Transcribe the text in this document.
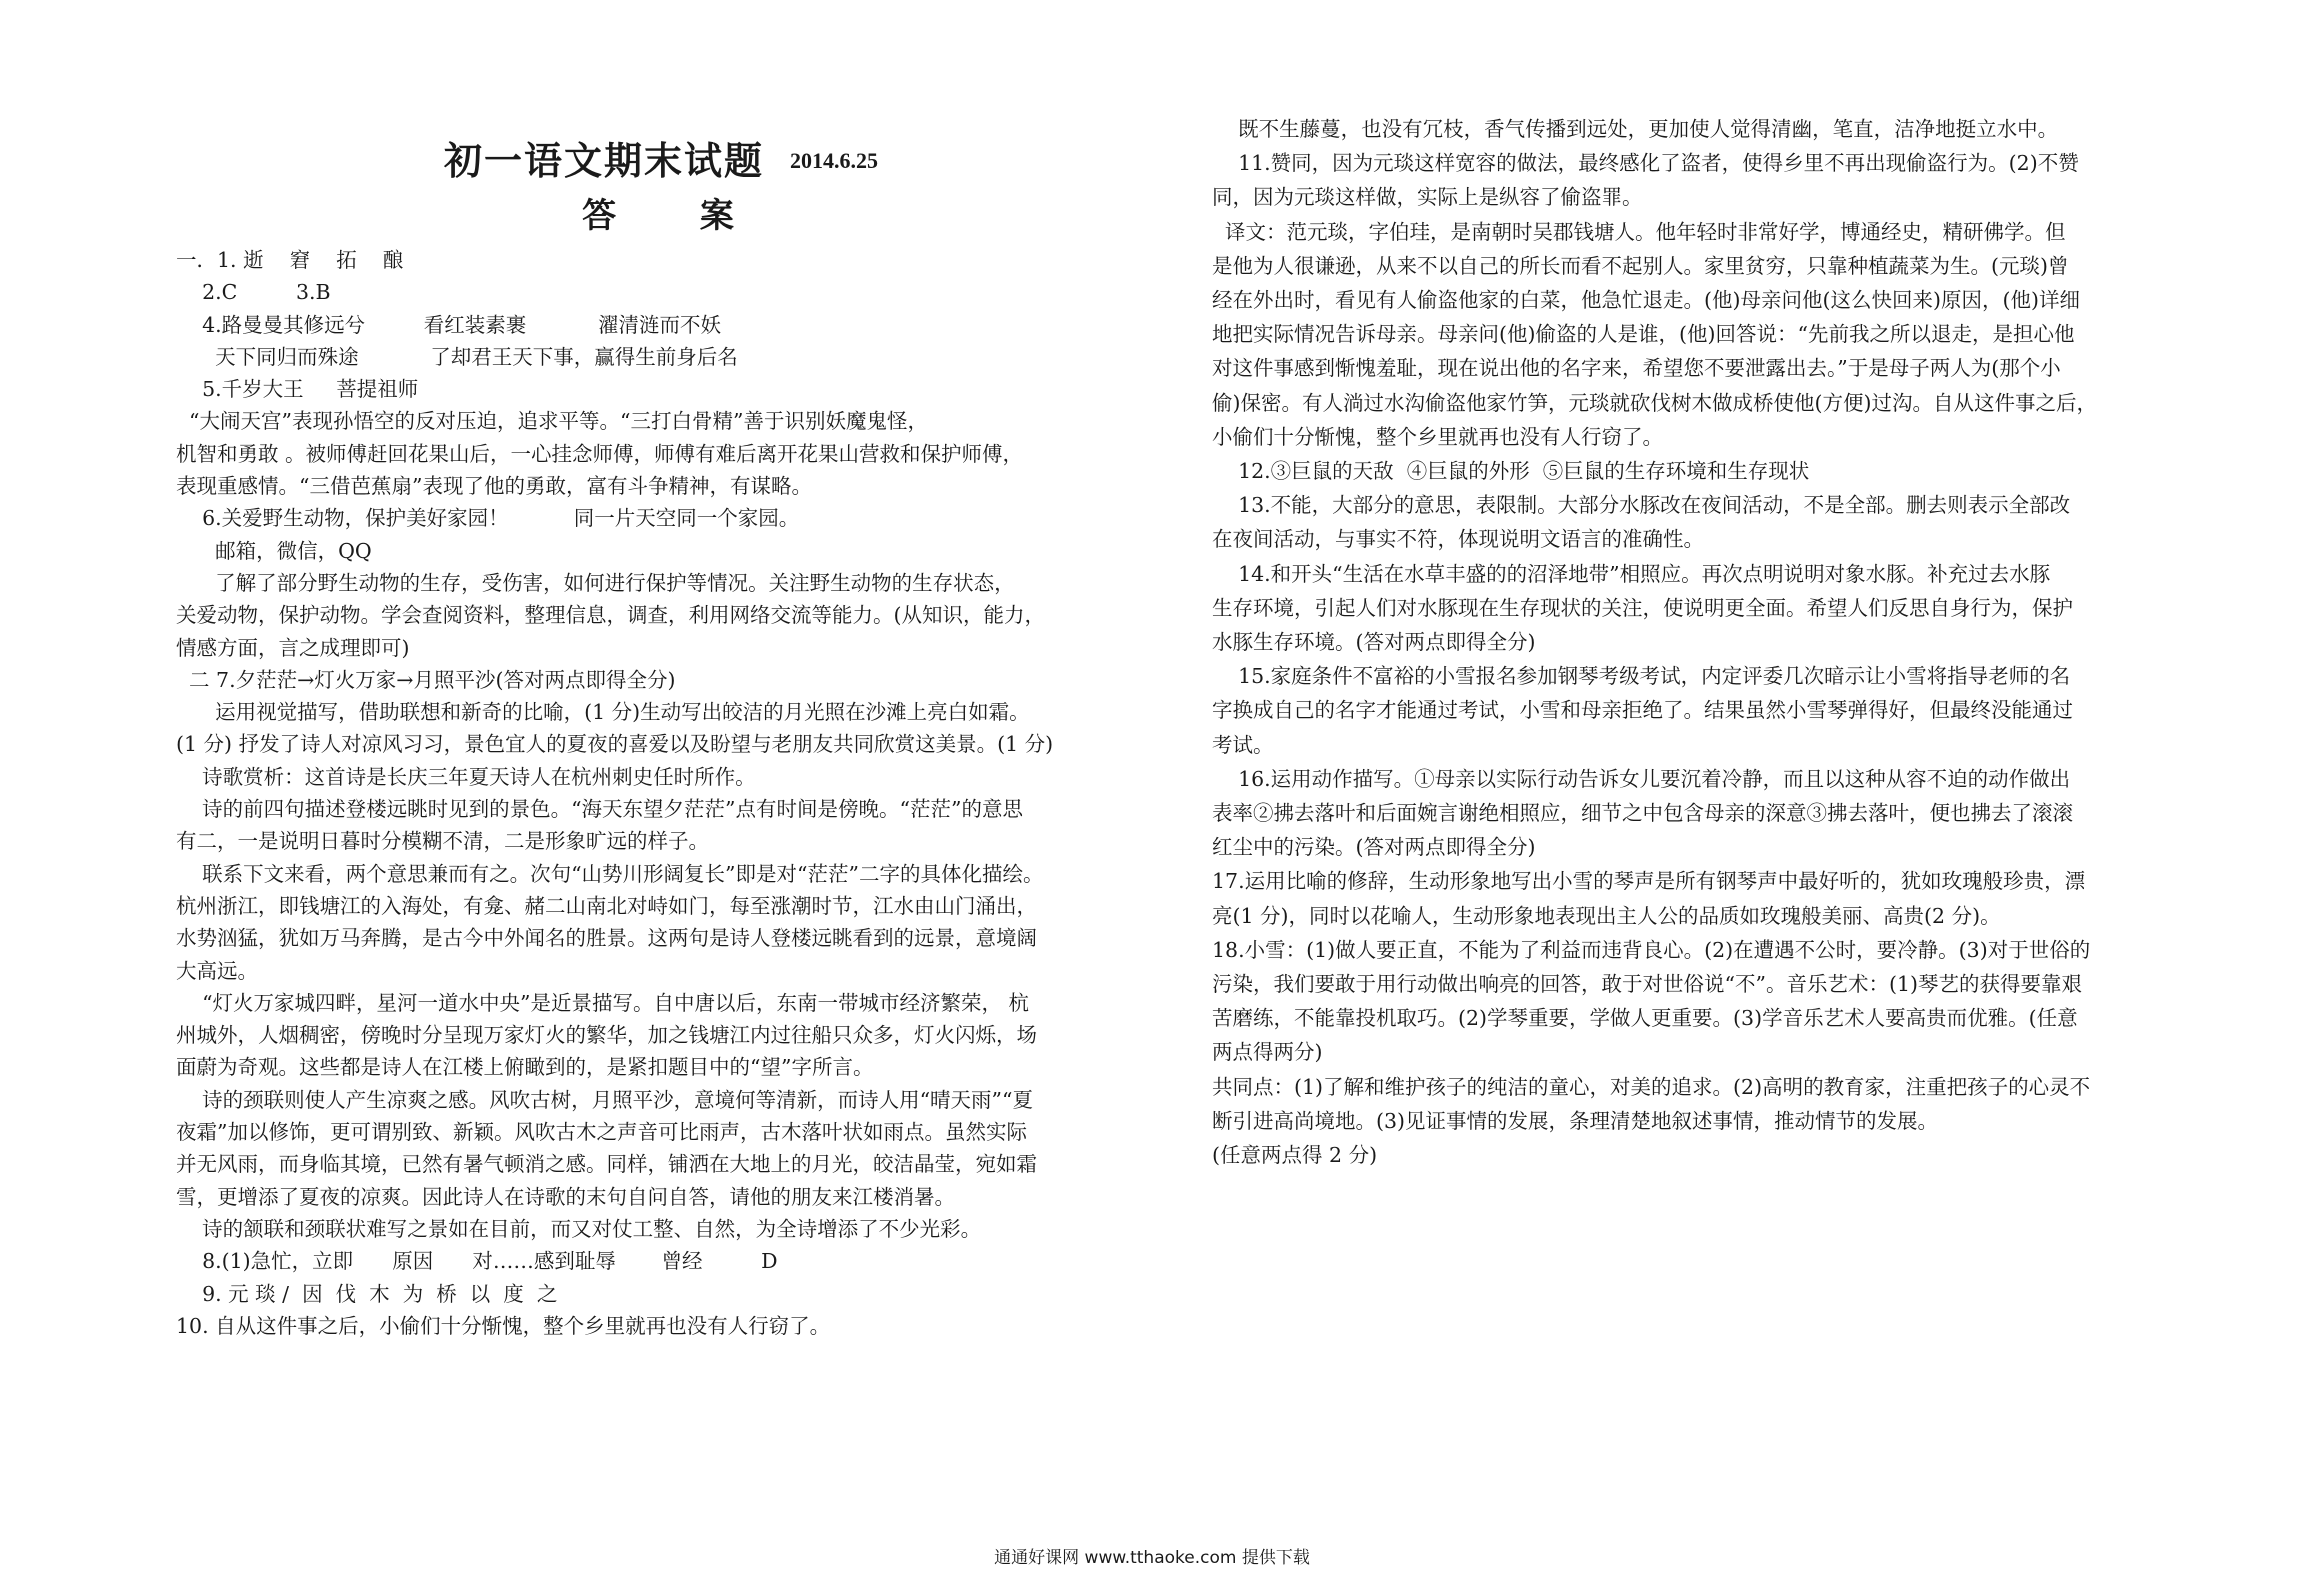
初一语文期末试题 2014.6.25
答 案

一．1. 逝    窘    拓    酿

2.C         3.B

4.路曼曼其修远兮         看红装素裹           濯清涟而不妖

天下同归而殊途           了却君王天下事，赢得生前身后名

5.千岁大王     菩提祖师

“大闹天宫”表现孙悟空的反对压迫，追求平等。“三打白骨精”善于识别妖魔鬼怪，

机智和勇敢 。被师傅赶回花果山后，一心挂念师傅，师傅有难后离开花果山营救和保护师傅，

表现重感情。“三借芭蕉扇”表现了他的勇敢，富有斗争精神，有谋略。

6.关爱野生动物，保护美好家园！          同一片天空同一个家园。

邮箱，微信，QQ

了解了部分野生动物的生存，受伤害，如何进行保护等情况。关注野生动物的生存状态，

关爱动物，保护动物。学会查阅资料，整理信息，调查，利用网络交流等能力。(从知识，能力，

情感方面，言之成理即可)

二 7.夕茫茫→灯火万家→月照平沙(答对两点即得全分)

运用视觉描写，借助联想和新奇的比喻，(1 分)生动写出皎洁的月光照在沙滩上亮白如霜。

(1 分) 抒发了诗人对凉风习习，景色宜人的夏夜的喜爱以及盼望与老朋友共同欣赏这美景。(1 分)

诗歌赏析：这首诗是长庆三年夏天诗人在杭州刺史任时所作。

诗的前四句描述登楼远眺时见到的景色。“海天东望夕茫茫”点有时间是傍晚。“茫茫”的意思

有二，一是说明日暮时分模糊不清，二是形象旷远的样子。

联系下文来看，两个意思兼而有之。次句“山势川形阔复长”即是对“茫茫”二字的具体化描绘。

杭州浙江，即钱塘江的入海处，有龛、赭二山南北对峙如门，每至涨潮时节，江水由山门涌出，

水势汹猛，犹如万马奔腾，是古今中外闻名的胜景。这两句是诗人登楼远眺看到的远景，意境阔

大高远。

“灯火万家城四畔，星河一道水中央”是近景描写。自中唐以后，东南一带城市经济繁荣， 杭

州城外，人烟稠密，傍晚时分呈现万家灯火的繁华，加之钱塘江内过往船只众多，灯火闪烁，场

面蔚为奇观。这些都是诗人在江楼上俯瞰到的，是紧扣题目中的“望”字所言。

诗的颈联则使人产生凉爽之感。风吹古树，月照平沙，意境何等清新，而诗人用“晴天雨”“夏

夜霜”加以修饰，更可谓别致、新颖。风吹古木之声音可比雨声，古木落叶状如雨点。虽然实际

并无风雨，而身临其境，已然有暑气顿消之感。同样，铺洒在大地上的月光，皎洁晶莹，宛如霜

雪，更增添了夏夜的凉爽。因此诗人在诗歌的末句自问自答，请他的朋友来江楼消暑。

诗的颔联和颈联状难写之景如在目前，而又对仗工整、自然，为全诗增添了不少光彩。

8.(1)急忙，立即      原因      对……感到耻辱       曾经         D

9. 元 琰 /  因  伐  木  为  桥  以  度  之

10. 自从这件事之后，小偷们十分惭愧，整个乡里就再也没有人行窃了。

既不生藤蔓，也没有冗枝，香气传播到远处，更加使人觉得清幽，笔直，洁净地挺立水中。

11.赞同，因为元琰这样宽容的做法，最终感化了盗者，使得乡里不再出现偷盗行为。(2)不赞

同，因为元琰这样做，实际上是纵容了偷盗罪。

译文：范元琰，字伯珪，是南朝时吴郡钱塘人。他年轻时非常好学，博通经史，精研佛学。但

是他为人很谦逊，从来不以自己的所长而看不起别人。家里贫穷，只靠种植蔬菜为生。(元琰)曾

经在外出时，看见有人偷盗他家的白菜，他急忙退走。(他)母亲问他(这么快回来)原因，(他)详细

地把实际情况告诉母亲。母亲问(他)偷盗的人是谁，(他)回答说：“先前我之所以退走，是担心他

对这件事感到惭愧羞耻，现在说出他的名字来，希望您不要泄露出去。”于是母子两人为(那个小

偷)保密。有人淌过水沟偷盗他家竹笋，元琰就砍伐树木做成桥使他(方便)过沟。自从这件事之后，

小偷们十分惭愧，整个乡里就再也没有人行窃了。

12.③巨鼠的天敌  ④巨鼠的外形  ⑤巨鼠的生存环境和生存现状

13.不能，大部分的意思，表限制。大部分水豚改在夜间活动，不是全部。删去则表示全部改

在夜间活动，与事实不符，体现说明文语言的准确性。

14.和开头“生活在水草丰盛的的沼泽地带”相照应。再次点明说明对象水豚。补充过去水豚

生存环境，引起人们对水豚现在生存现状的关注，使说明更全面。希望人们反思自身行为，保护

水豚生存环境。(答对两点即得全分)

15.家庭条件不富裕的小雪报名参加钢琴考级考试，内定评委几次暗示让小雪将指导老师的名

字换成自己的名字才能通过考试，小雪和母亲拒绝了。结果虽然小雪琴弹得好，但最终没能通过

考试。

16.运用动作描写。①母亲以实际行动告诉女儿要沉着冷静，而且以这种从容不迫的动作做出

表率②拂去落叶和后面婉言谢绝相照应，细节之中包含母亲的深意③拂去落叶，便也拂去了滚滚

红尘中的污染。(答对两点即得全分)

17.运用比喻的修辞，生动形象地写出小雪的琴声是所有钢琴声中最好听的，犹如玫瑰般珍贵，漂

亮(1 分)，同时以花喻人，生动形象地表现出主人公的品质如玫瑰般美丽、高贵(2 分)。

18.小雪：(1)做人要正直，不能为了利益而违背良心。(2)在遭遇不公时，要冷静。(3)对于世俗的

污染，我们要敢于用行动做出响亮的回答，敢于对世俗说“不”。音乐艺术：(1)琴艺的获得要靠艰

苦磨练，不能靠投机取巧。(2)学琴重要，学做人更重要。(3)学音乐艺术人要高贵而优雅。(任意

两点得两分)

共同点：(1)了解和维护孩子的纯洁的童心，对美的追求。(2)高明的教育家，注重把孩子的心灵不

断引进高尚境地。(3)见证事情的发展，条理清楚地叙述事情，推动情节的发展。

(任意两点得 2 分)

通通好课网 www.tthaoke.com 提供下载
